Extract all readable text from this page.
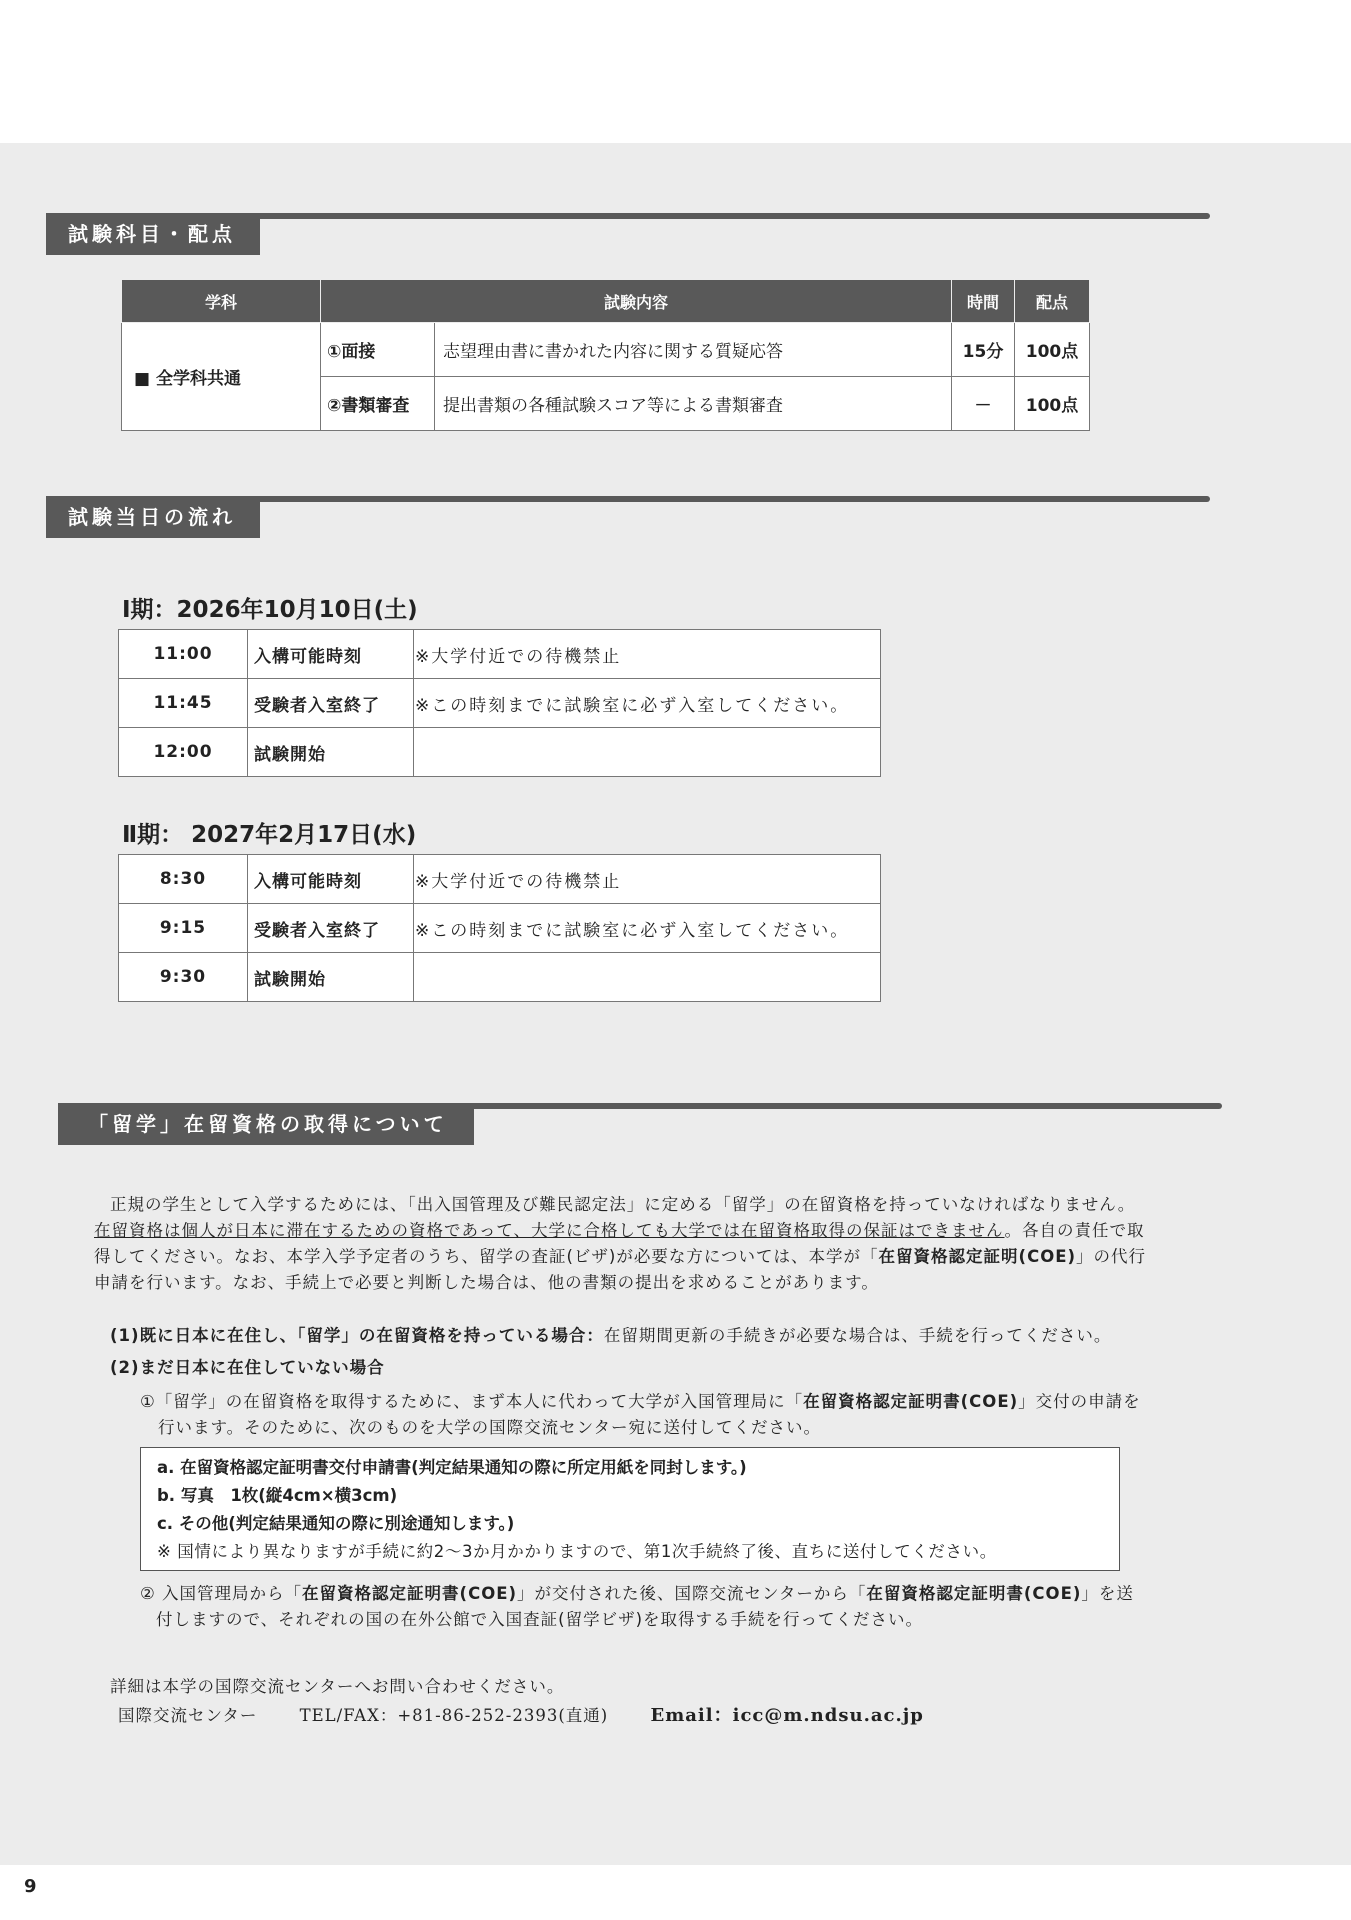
試験科目・配点
学科	試験内容		時間	配点
■ 全学科共通	①面接	志望理由書に書かれた内容に関する質疑応答	15分	100点
	②書類審査	提出書類の各種試験スコア等による書類審査	－	100点
試験当日の流れ
Ⅰ期：2026年10月10日(土)
11:00	入構可能時刻	※大学付近での待機禁止
11:45	受験者入室終了	※この時刻までに試験室に必ず入室してください。
12:00	試験開始	
Ⅱ期： 2027年2月17日(水)
8:30	入構可能時刻	※大学付近での待機禁止
9:15	受験者入室終了	※この時刻までに試験室に必ず入室してください。
9:30	試験開始	
「留学」在留資格の取得について
正規の学生として入学するためには、「出入国管理及び難民認定法」に定める「留学」の在留資格を持っていなければなりません。
在留資格は個人が日本に滞在するための資格であって、大学に合格しても大学では在留資格取得の保証はできません。各自の責任で取
得してください。なお、本学入学予定者のうち、留学の査証(ビザ)が必要な方については、本学が「在留資格認定証明(COE)」の代行
申請を行います。なお、手続上で必要と判断した場合は、他の書類の提出を求めることがあります。
(1)既に日本に在住し、「留学」の在留資格を持っている場合：在留期間更新の手続きが必要な場合は、手続を行ってください。
(2)まだ日本に在住していない場合
①「留学」の在留資格を取得するために、まず本人に代わって大学が入国管理局に「在留資格認定証明書(COE)」交付の申請を
行います。そのために、次のものを大学の国際交流センター宛に送付してください。
a. 在留資格認定証明書交付申請書(判定結果通知の際に所定用紙を同封します。)
b. 写真　1枚(縦4cm×横3cm)
c. その他(判定結果通知の際に別途通知します。)
※ 国情により異なりますが手続に約2～3か月かかりますので、第1次手続終了後、直ちに送付してください。
② 入国管理局から「在留資格認定証明書(COE)」が交付された後、国際交流センターから「在留資格認定証明書(COE)」を送
付しますので、それぞれの国の在外公館で入国査証(留学ビザ)を取得する手続を行ってください。
詳細は本学の国際交流センターへお問い合わせください。
国際交流センター	TEL/FAX：+81-86-252-2393(直通) Email：icc@m.ndsu.ac.jp
9
